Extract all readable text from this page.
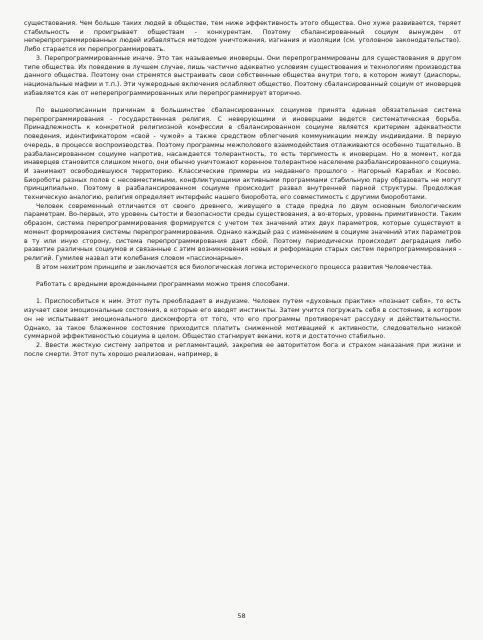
существования. Чем больше таких людей в обществе, тем ниже эффективность этого общества. Оно хуже развивается, теряет стабильность и проигрывает обществам - конкурентам. Поэтому сбалансированный социум вынужден от неперепрограммированных людей избавляться методом уничтожения, изгнания и изоляции (см. уголовное законодательство). Либо старается их перепрограммировать.

3. Перепрограммированные иначе. Это так называемые иноверцы. Они перепрограммированы для существования в другом типе общества. Их поведение в лучшем случае, лишь частично адекватно условиям существования и технологиям производства данного общества. Поэтому они стремятся выстраивать свои собственные общества внутри того, в котором живут (диаспоры, национальные мафии и т.п.). Эти чужеродные включения ослабляют общество. Поэтому сбалансированный социум от иноверцев избавляется как от неперепрограммированных или перепрограммирует вторично.

По вышеописанным причинам в большинстве сбалансированных социумов принята единая обязательная система перепрограммирования - государственная религия. С неверующими и иноверцами ведется систематическая борьба. Принадлежность к конкретной религиозной конфессии в сбалансированном социуме является критерием адекватности поведения, идентификатором «свой - чужой» а также средством облегчения коммуникации между индивидами. В первую очередь, в процессе воспроизводства. Поэтому программы межполового взаимодействия отлаживаются особенно тщательно. В разбалансированном социуме напротив, насаждается толерантность, то есть терпимость к иноверцам. Но в момент, когда инаверцев становится слишком много, они обычно уничтожают коренное толерантное население разбалансированного социума. И занимают освободившуюся территорию. Классические примеры из недавнего прошлого - Нагорный Карабах и Косово. Биороботы разных полов с несовместимыми, конфликтующими активными программами стабильную пару образовать не могут принципиально. Поэтому в разбалансированном социуме происходит развал внутренней парной структуры. Продолжая техническую аналогию, религия определяет интерфейс нашего биоробота, его совместимость с другими биороботами.

Человек современный отличается от своего древнего, живущего в стаде предка по двум основным биологическим параметрам. Во-первых, это уровень сытости и безопасности среды существования, а во-вторых, уровень примитивности. Таким образом, система перепрограммирования формируется с учетом тех значений этих двух параметров, которые существуют в момент формирования системы перепрограммирования. Однако каждый раз с изменением в социуме значений этих параметров в ту или иную сторону, система перепрограммирования дает сбой. Поэтому периодически происходит деградация либо развитие различных социумов и связанные с этим возникновения новых и реформации старых систем перепрограммирования - религий. Гумилев назвал эти колебания словом «пассионарные».

В этом нехитром принципе и заключается вся биологическая логика исторического процесса развития Человечества.

Работать с вредными врожденными программами можно тремя способами.

1. Приспособиться к ним. Этот путь преобладает в индуизме. Человек путем «духовных практик» «познает себя», то есть изучает свои эмоциональные состояния, в которые его вводят инстинкты. Затем учится погружать себя в состояние, в котором он не испытывает эмоционального дискомфорта от того, что его программы противоречат рассудку и действительности. Однако, за такое блаженное состояние приходится платить сниженной мотивацией к активности, следовательно низкой суммарной эффективностью социума в целом. Общество стагнирует веками, хотя и достаточно стабильно.

2. Ввести жесткую систему запретов и регламентаций, закрепив ее авторитетом бога и страхом наказания при жизни и после смерти. Этот путь хорошо реализован, например, в

58
